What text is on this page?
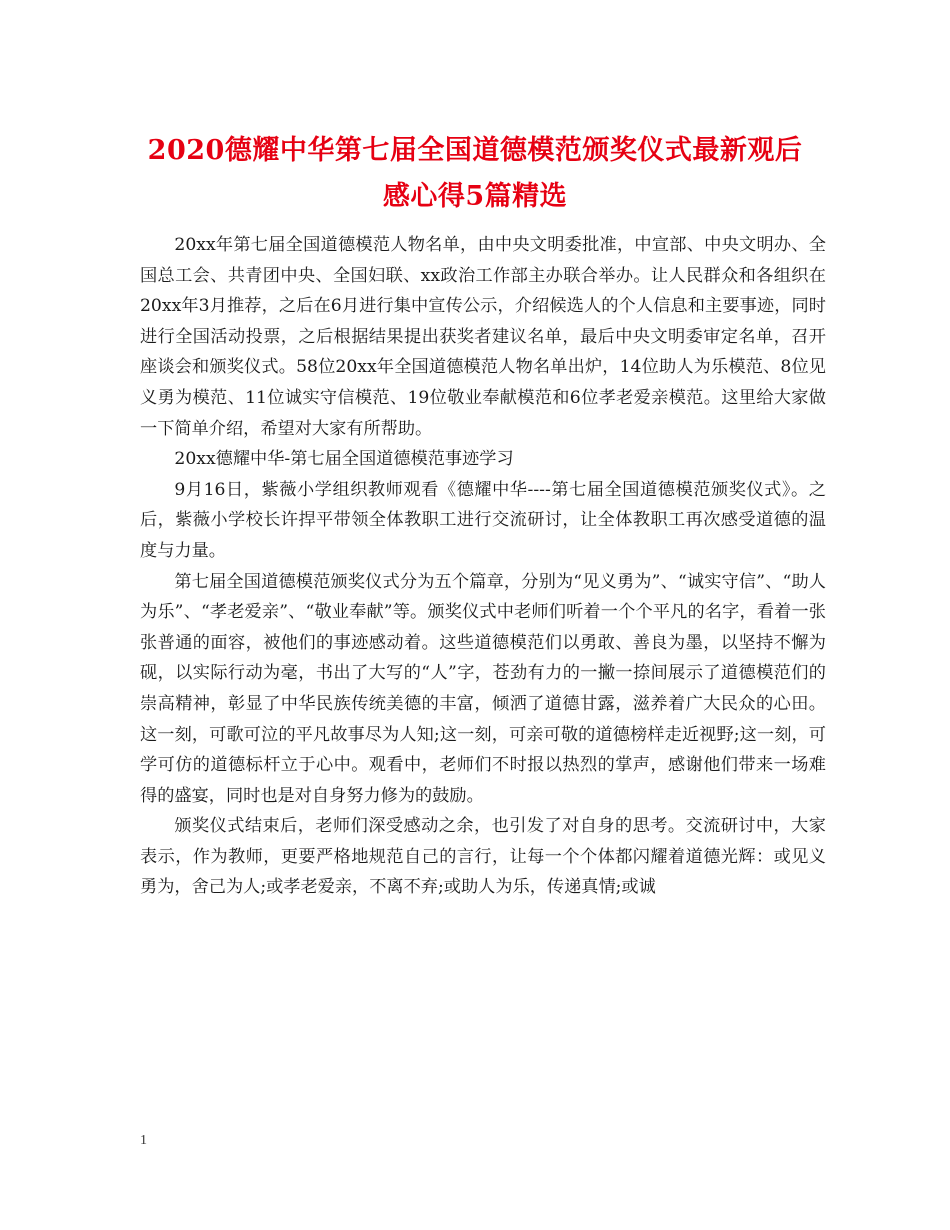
2020德耀中华第七届全国道德模范颁奖仪式最新观后
感心得5篇精选

20xx年第七届全国道德模范人物名单，由中央文明委批准，中宣部、中央文明办、全国总工会、共青团中央、全国妇联、xx政治工作部主办联合举办。让人民群众和各组织在20xx年3月推荐，之后在6月进行集中宣传公示，介绍候选人的个人信息和主要事迹，同时进行全国活动投票，之后根据结果提出获奖者建议名单，最后中央文明委审定名单，召开座谈会和颁奖仪式。58位20xx年全国道德模范人物名单出炉，14位助人为乐模范、8位见义勇为模范、11位诚实守信模范、19位敬业奉献模范和6位孝老爱亲模范。这里给大家做一下简单介绍，希望对大家有所帮助。

20xx德耀中华-第七届全国道德模范事迹学习

9月16日，紫薇小学组织教师观看《德耀中华----第七届全国道德模范颁奖仪式》。之后，紫薇小学校长许捍平带领全体教职工进行交流研讨，让全体教职工再次感受道德的温度与力量。

第七届全国道德模范颁奖仪式分为五个篇章，分别为“见义勇为”、“诚实守信”、“助人为乐”、“孝老爱亲”、“敬业奉献”等。颁奖仪式中老师们听着一个个平凡的名字，看着一张张普通的面容，被他们的事迹感动着。这些道德模范们以勇敢、善良为墨，以坚持不懈为砚，以实际行动为毫，书出了大写的“人”字，苍劲有力的一撇一捺间展示了道德模范们的崇高精神，彰显了中华民族传统美德的丰富，倾洒了道德甘露，滋养着广大民众的心田。这一刻，可歌可泣的平凡故事尽为人知;这一刻，可亲可敬的道德榜样走近视野;这一刻，可学可仿的道德标杆立于心中。观看中，老师们不时报以热烈的掌声，感谢他们带来一场难得的盛宴，同时也是对自身努力修为的鼓励。

颁奖仪式结束后，老师们深受感动之余，也引发了对自身的思考。交流研讨中，大家表示，作为教师，更要严格地规范自己的言行，让每一个个体都闪耀着道德光辉：或见义勇为，舍己为人;或孝老爱亲，不离不弃;或助人为乐，传递真情;或诚

1
